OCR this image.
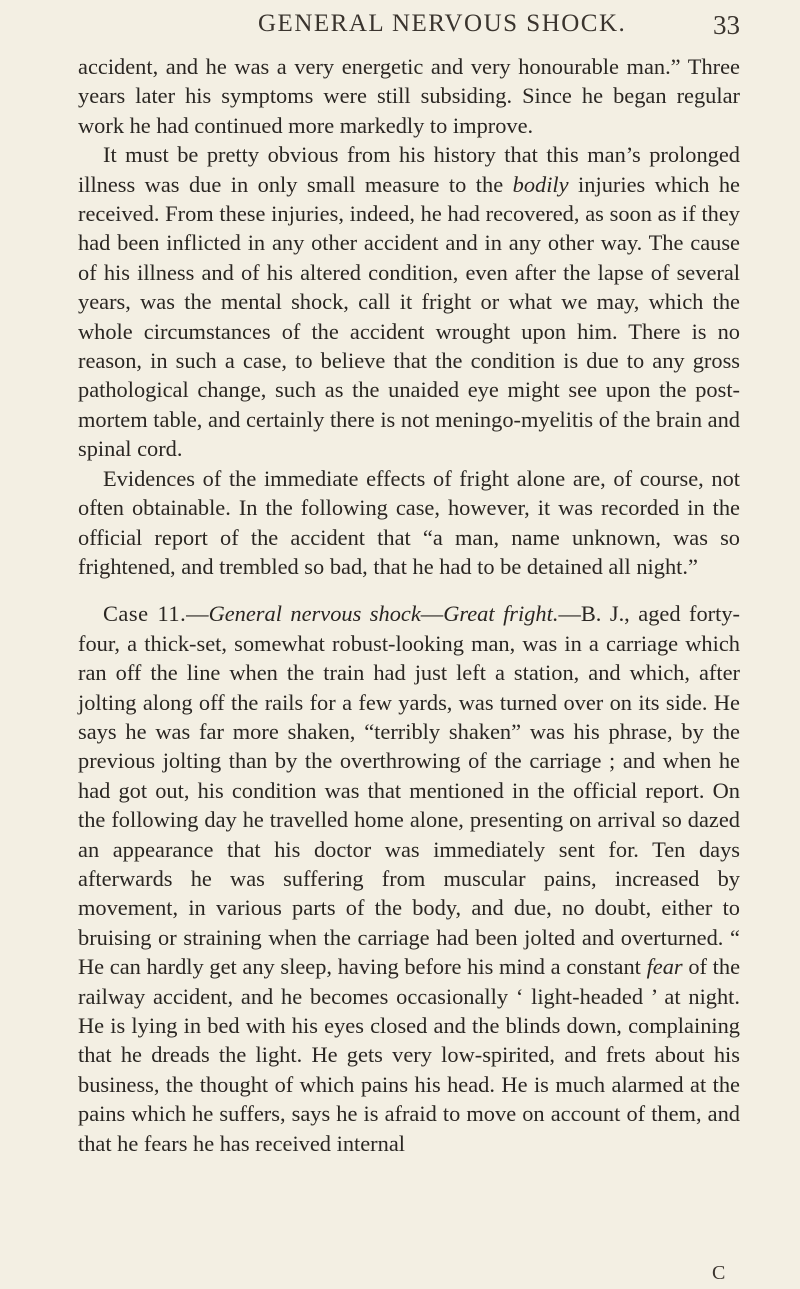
GENERAL NERVOUS SHOCK.	33

accident, and he was a very energetic and very honourable man.” Three years later his symptoms were still subsiding. Since he began regular work he had continued more markedly to improve.

It must be pretty obvious from his history that this man’s prolonged illness was due in only small measure to the bodily injuries which he received. From these injuries, indeed, he had recovered, as soon as if they had been inflicted in any other accident and in any other way. The cause of his illness and of his altered condition, even after the lapse of several years, was the mental shock, call it fright or what we may, which the whole circumstances of the accident wrought upon him. There is no reason, in such a case, to believe that the condition is due to any gross pathological change, such as the unaided eye might see upon the post-mortem table, and certainly there is not meningo-myelitis of the brain and spinal cord.

Evidences of the immediate effects of fright alone are, of course, not often obtainable. In the following case, however, it was recorded in the official report of the accident that “a man, name unknown, was so frightened, and trembled so bad, that he had to be detained all night.”

Case 11.—General nervous shock—Great fright.—B. J., aged forty-four, a thick-set, somewhat robust-looking man, was in a carriage which ran off the line when the train had just left a station, and which, after jolting along off the rails for a few yards, was turned over on its side. He says he was far more shaken, “terribly shaken” was his phrase, by the previous jolting than by the overthrowing of the carriage ; and when he had got out, his condition was that mentioned in the official report. On the following day he travelled home alone, presenting on arrival so dazed an appearance that his doctor was immediately sent for. Ten days afterwards he was suffering from muscular pains, increased by movement, in various parts of the body, and due, no doubt, either to bruising or straining when the carriage had been jolted and overturned. “ He can hardly get any sleep, having before his mind a constant fear of the railway accident, and he becomes occasionally ‘ light-headed ’ at night. He is lying in bed with his eyes closed and the blinds down, complaining that he dreads the light. He gets very low-spirited, and frets about his business, the thought of which pains his head. He is much alarmed at the pains which he suffers, says he is afraid to move on account of them, and that he fears he has received internal

C
